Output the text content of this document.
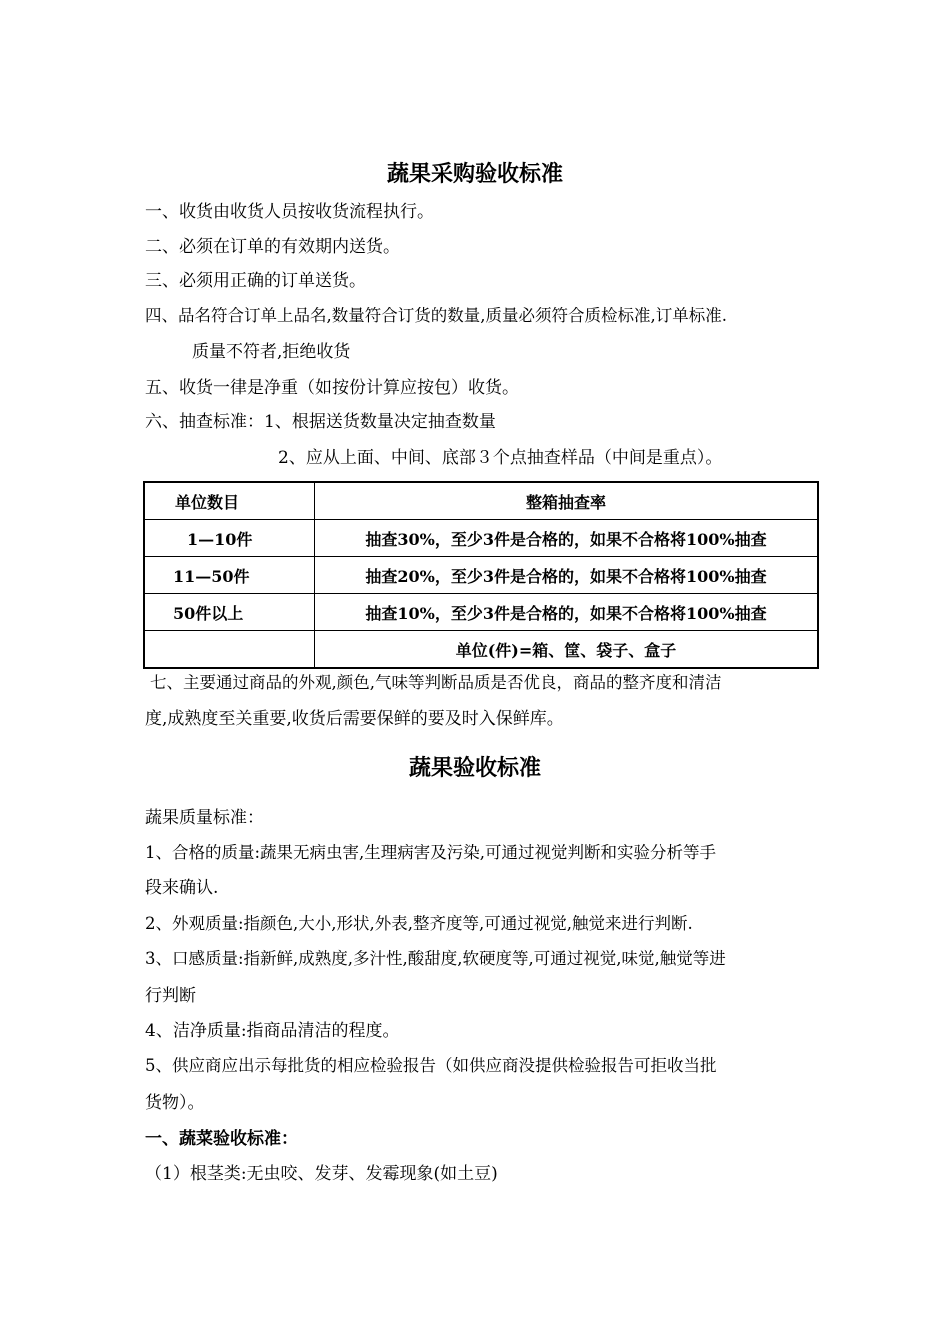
蔬果采购验收标准
一、收货由收货人员按收货流程执行。
二、必须在订单的有效期内送货。
三、必须用正确的订单送货。
四、品名符合订单上品名,数量符合订货的数量,质量必须符合质检标准,订单标准.
质量不符者,拒绝收货
五、收货一律是净重（如按份计算应按包）收货。
六、抽查标准：1、根据送货数量决定抽查数量
2、应从上面、中间、底部３个点抽查样品（中间是重点）。
单位数目	整箱抽查率
1—10件	抽查30%，至少3件是合格的，如果不合格将100%抽查
11—50件	抽查20%，至少3件是合格的，如果不合格将100%抽查
50件以上	抽查10%，至少3件是合格的，如果不合格将100%抽查
	单位(件)=箱、筐、袋子、盒子
七、主要通过商品的外观,颜色,气味等判断品质是否优良，商品的整齐度和清洁
度,成熟度至关重要,收货后需要保鲜的要及时入保鲜库。
蔬果验收标准
蔬果质量标准：
1、合格的质量:蔬果无病虫害,生理病害及污染,可通过视觉判断和实验分析等手
段来确认.
2、外观质量:指颜色,大小,形状,外表,整齐度等,可通过视觉,触觉来进行判断.
3、口感质量:指新鲜,成熟度,多汁性,酸甜度,软硬度等,可通过视觉,味觉,触觉等进
行判断
4、洁净质量:指商品清洁的程度。
5、供应商应出示每批货的相应检验报告（如供应商没提供检验报告可拒收当批
货物）。
一、蔬菜验收标准：
（1）根茎类:无虫咬、发芽、发霉现象(如土豆)
